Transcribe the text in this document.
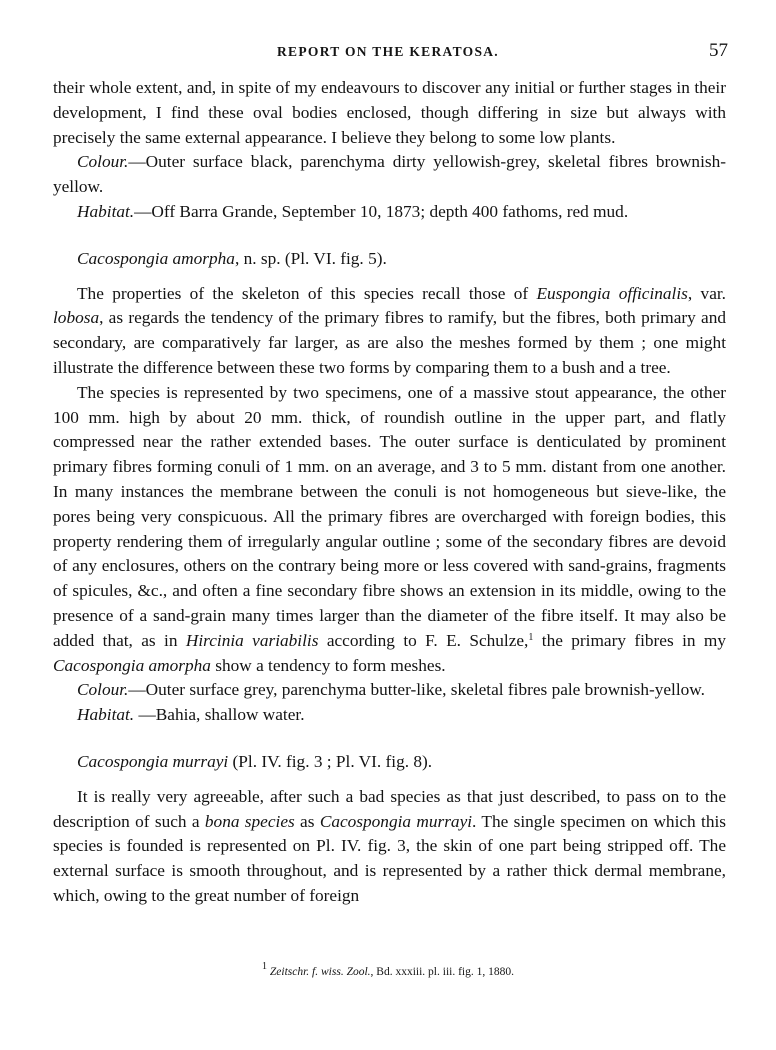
REPORT ON THE KERATOSA.	57

their whole extent, and, in spite of my endeavours to discover any initial or further stages in their development, I find these oval bodies enclosed, though differing in size but always with precisely the same external appearance. I believe they belong to some low plants.

Colour.—Outer surface black, parenchyma dirty yellowish-grey, skeletal fibres brownish-yellow.

Habitat.—Off Barra Grande, September 10, 1873; depth 400 fathoms, red mud.

Cacospongia amorpha, n. sp. (Pl. VI. fig. 5).

The properties of the skeleton of this species recall those of Euspongia officinalis, var. lobosa, as regards the tendency of the primary fibres to ramify, but the fibres, both primary and secondary, are comparatively far larger, as are also the meshes formed by them ; one might illustrate the difference between these two forms by comparing them to a bush and a tree.

The species is represented by two specimens, one of a massive stout appearance, the other 100 mm. high by about 20 mm. thick, of roundish outline in the upper part, and flatly compressed near the rather extended bases. The outer surface is denticulated by prominent primary fibres forming conuli of 1 mm. on an average, and 3 to 5 mm. distant from one another. In many instances the membrane between the conuli is not homogeneous but sieve-like, the pores being very conspicuous. All the primary fibres are overcharged with foreign bodies, this property rendering them of irregularly angular outline ; some of the secondary fibres are devoid of any enclosures, others on the contrary being more or less covered with sand-grains, fragments of spicules, &c., and often a fine secondary fibre shows an extension in its middle, owing to the presence of a sand-grain many times larger than the diameter of the fibre itself. It may also be added that, as in Hircinia variabilis according to F. E. Schulze,$^1$ the primary fibres in my Cacospongia amorpha show a tendency to form meshes.

Colour.—Outer surface grey, parenchyma butter-like, skeletal fibres pale brownish-yellow.

Habitat. —Bahia, shallow water.

Cacospongia murrayi (Pl. IV. fig. 3 ; Pl. VI. fig. 8).

It is really very agreeable, after such a bad species as that just described, to pass on to the description of such a bona species as Cacospongia murrayi. The single specimen on which this species is founded is represented on Pl. IV. fig. 3, the skin of one part being stripped off. The external surface is smooth throughout, and is represented by a rather thick dermal membrane, which, owing to the great number of foreign

$^1$ Zeitschr. f. wiss. Zool., Bd. xxxiii. pl. iii. fig. 1, 1880.
